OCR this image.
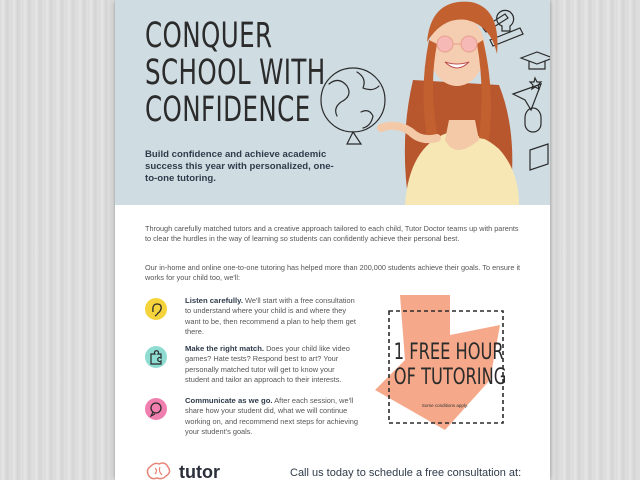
CONQUER
SCHOOL WITH
CONFIDENCE

Build confidence and achieve academic success this year with personalized, one-to-one tutoring.

Through carefully matched tutors and a creative approach tailored to each child, Tutor Doctor teams up with parents to clear the hurdles in the way of learning so students can confidently achieve their personal best.

Our in-home and online one-to-one tutoring has helped more than 200,000 students achieve their goals. To ensure it works for your child too, we'll:

Listen carefully. We'll start with a free consultation to understand where your child is and where they want to be, then recommend a plan to help them get there.

Make the right match. Does your child like video games? Hate tests? Respond best to art? Your personally matched tutor will get to know your student and tailor an approach to their interests.

Communicate as we go. After each session, we'll share how your student did, what we will continue working on, and recommend next steps for achieving your student's goals.

1 FREE HOUR
OF TUTORING
Some conditions apply.
tutor	Call us today to schedule a free consultation at:
